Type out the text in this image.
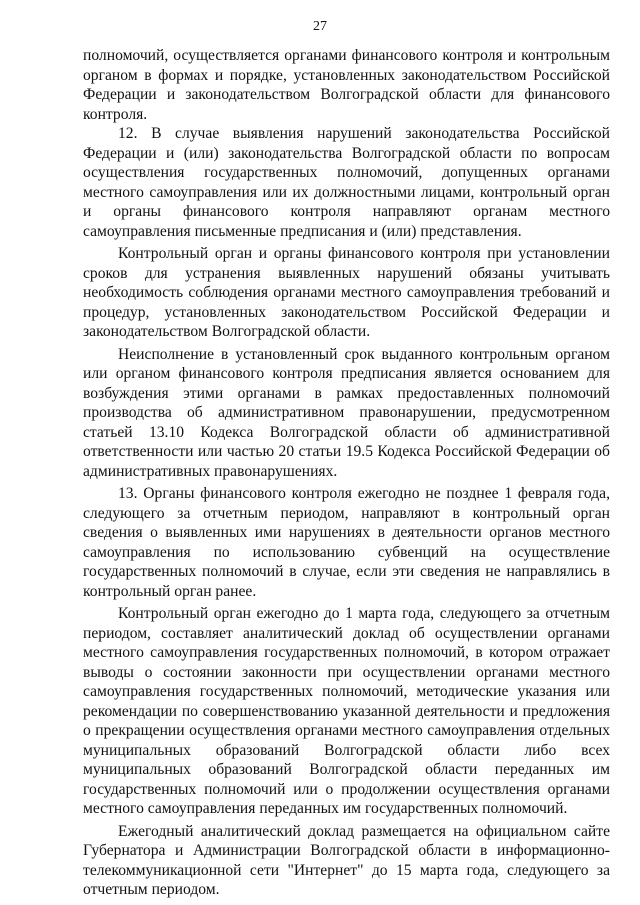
27

полномочий, осуществляется органами финансового контроля и контрольным органом в формах и порядке, установленных законодательством Российской Федерации и законодательством Волгоградской области для финансового контроля.

12. В случае выявления нарушений законодательства Российской Федерации и (или) законодательства Волгоградской области по вопросам осуществления государственных полномочий, допущенных органами местного самоуправления или их должностными лицами, контрольный орган и органы финансового контроля направляют органам местного самоуправления письменные предписания и (или) представления.

Контрольный орган и органы финансового контроля при установлении сроков для устранения выявленных нарушений обязаны учитывать необходимость соблюдения органами местного самоуправления требований и процедур, установленных законодательством Российской Федерации и законодательством Волгоградской области.

Неисполнение в установленный срок выданного контрольным органом или органом финансового контроля предписания является основанием для возбуждения этими органами в рамках предоставленных полномочий производства об административном правонарушении, предусмотренном статьей 13.10 Кодекса Волгоградской области об административной ответственности или частью 20 статьи 19.5 Кодекса Российской Федерации об административных правонарушениях.

13. Органы финансового контроля ежегодно не позднее 1 февраля года, следующего за отчетным периодом, направляют в контрольный орган сведения о выявленных ими нарушениях в деятельности органов местного самоуправления по использованию субвенций на осуществление государственных полномочий в случае, если эти сведения не направлялись в контрольный орган ранее.

Контрольный орган ежегодно до 1 марта года, следующего за отчетным периодом, составляет аналитический доклад об осуществлении органами местного самоуправления государственных полномочий, в котором отражает выводы о состоянии законности при осуществлении органами местного самоуправления государственных полномочий, методические указания или рекомендации по совершенствованию указанной деятельности и предложения о прекращении осуществления органами местного самоуправления отдельных муниципальных образований Волгоградской области либо всех муниципальных образований Волгоградской области переданных им государственных полномочий или о продолжении осуществления органами местного самоуправления переданных им государственных полномочий.

Ежегодный аналитический доклад размещается на официальном сайте Губернатора и Администрации Волгоградской области в информационно-телекоммуникационной сети "Интернет" до 15 марта года, следующего за отчетным периодом.
